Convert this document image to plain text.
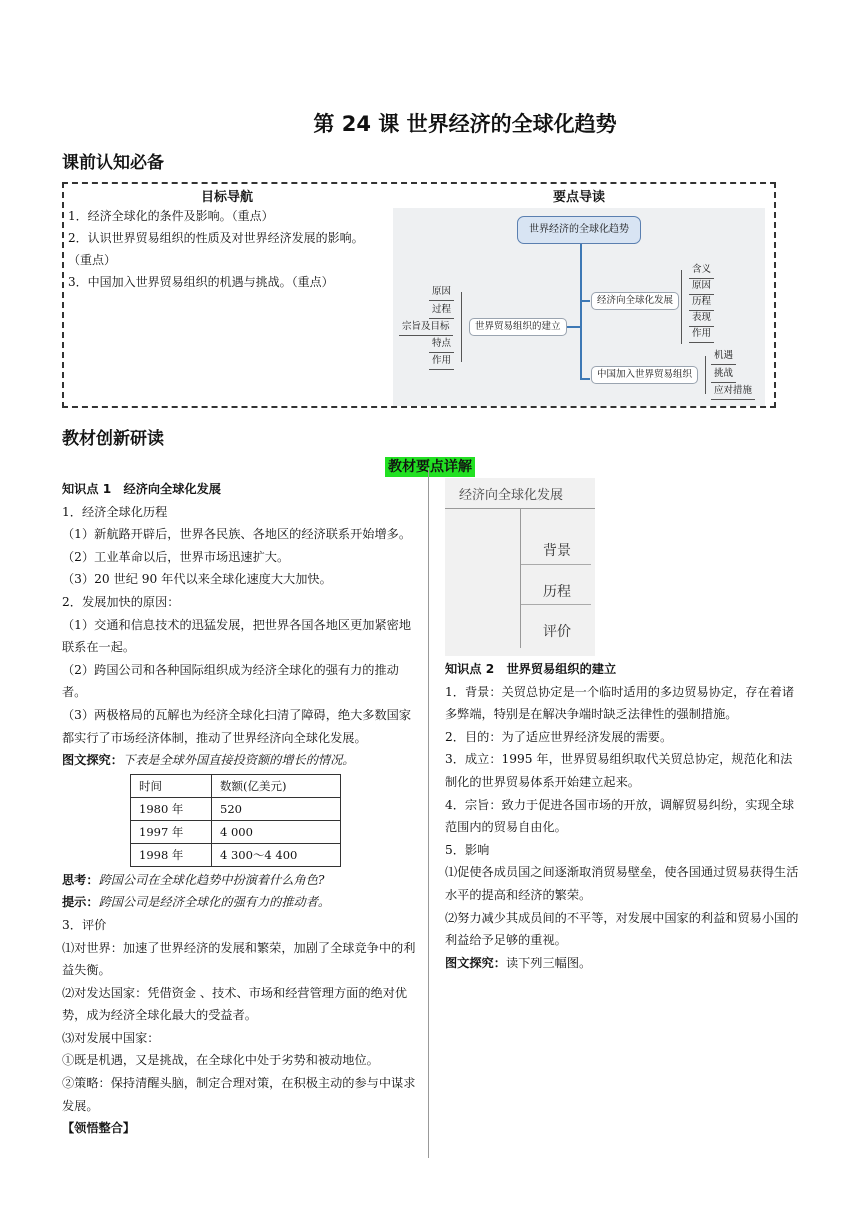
第 24 课 世界经济的全球化趋势
课前认知必备
目标导航	要点导读

1．经济全球化的条件及影响。（重点）

2．认识世界贸易组织的性质及对世界经济发展的影响。

（重点）

3．中国加入世界贸易组织的机遇与挑战。（重点）

世界经济的全球化趋势
经济向全球化发展
含义
原因
历程
表现
作用
世界贸易组织的建立
原因
过程
宗旨及目标
特点
作用
中国加入世界贸易组织
机遇
挑战
应对措施
教材创新研读
教材要点详解

知识点 1　经济向全球化发展

1．经济全球化历程

（1）新航路开辟后，世界各民族、各地区的经济联系开始增多。

（2）工业革命以后，世界市场迅速扩大。

（3）20 世纪 90 年代以来全球化速度大大加快。

2．发展加快的原因：

（1）交通和信息技术的迅猛发展，把世界各国各地区更加紧密地联系在一起。

（2）跨国公司和各种国际组织成为经济全球化的强有力的推动者。

（3）两极格局的瓦解也为经济全球化扫清了障碍，绝大多数国家都实行了市场经济体制，推动了世界经济向全球化发展。

图文探究：下表是全球外国直接投资额的增长的情况。

时间	数额(亿美元)
1980 年	520
1997 年	4 000
1998 年	4 300～4 400

思考：跨国公司在全球化趋势中扮演着什么角色?

提示：跨国公司是经济全球化的强有力的推动者。

3．评价

⑴对世界：加速了世界经济的发展和繁荣，加剧了全球竞争中的利益失衡。

⑵对发达国家：凭借资金 、技术、市场和经营管理方面的绝对优势，成为经济全球化最大的受益者。

⑶对发展中国家：

①既是机遇，又是挑战，在全球化中处于劣势和被动地位。

②策略：保持清醒头脑，制定合理对策，在积极主动的参与中谋求发展。

【领悟整合】

经济向全球化发展
背景
历程
评价

知识点 2　世界贸易组织的建立

1．背景：关贸总协定是一个临时适用的多边贸易协定，存在着诸多弊端，特别是在解决争端时缺乏法律性的强制措施。

2．目的：为了适应世界经济发展的需要。

3．成立：1995 年，世界贸易组织取代关贸总协定，规范化和法制化的世界贸易体系开始建立起来。

4．宗旨：致力于促进各国市场的开放，调解贸易纠纷，实现全球范围内的贸易自由化。

5．影响

⑴促使各成员国之间逐渐取消贸易壁垒，使各国通过贸易获得生活水平的提高和经济的繁荣。

⑵努力减少其成员间的不平等，对发展中国家的利益和贸易小国的利益给予足够的重视。

图文探究：读下列三幅图。
